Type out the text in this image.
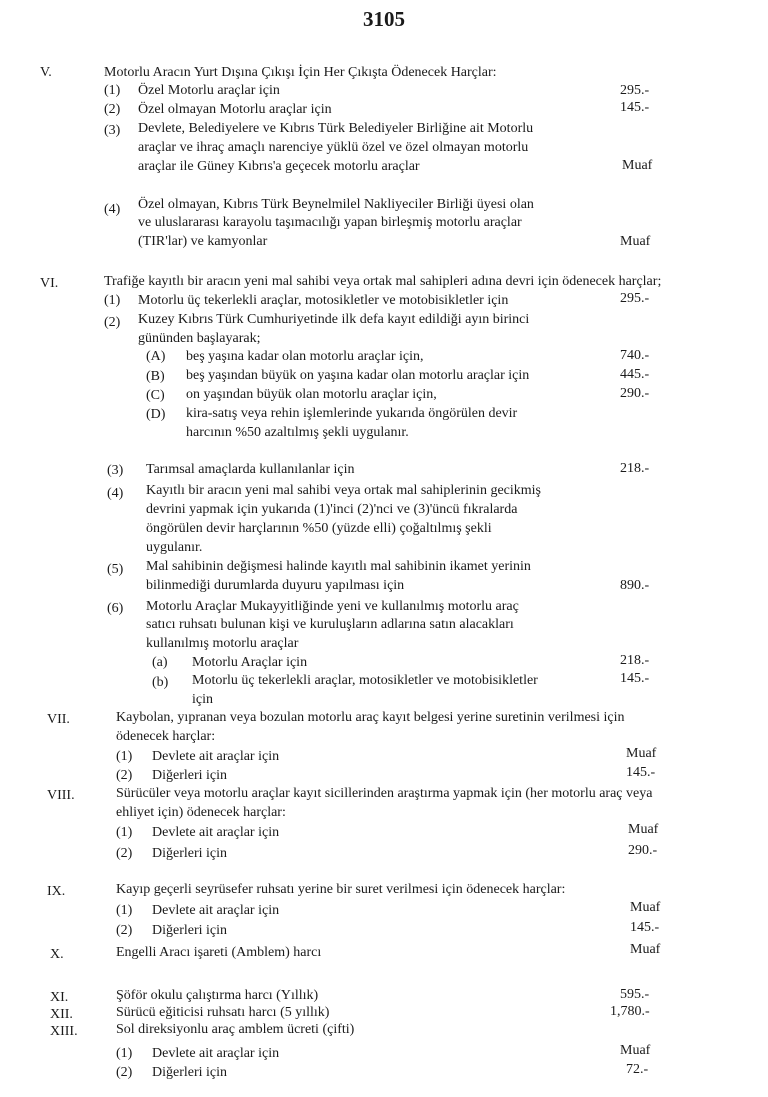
3105
V.	Motorlu Aracın Yurt Dışına Çıkışı İçin Her Çıkışta Ödenecek Harçlar:
(1) Özel Motorlu araçlar için	295.-
(2) Özel olmayan Motorlu araçlar için	145.-
(3) Devlete, Belediyelere ve Kıbrıs Türk Belediyeler Birliğine ait Motorlu
araçlar ve ihraç amaçlı narenciye yüklü özel ve özel olmayan motorlu
araçlar ile Güney Kıbrıs'a geçecek motorlu araçlar	Muaf
(4) Özel olmayan, Kıbrıs Türk Beynelmilel Nakliyeciler Birliği üyesi olan
ve uluslararası karayolu taşımacılığı yapan birleşmiş motorlu araçlar
(TIR'lar) ve kamyonlar	Muaf
VI.	Trafiğe kayıtlı bir aracın yeni mal sahibi veya ortak mal sahipleri adına devri için ödenecek harçlar;
(1) Motorlu üç tekerlekli araçlar, motosikletler ve motobisikletler için	295.-
(2) Kuzey Kıbrıs Türk Cumhuriyetinde ilk defa kayıt edildiği ayın birinci
gününden başlayarak;
(A) beş yaşına kadar olan motorlu araçlar için,	740.-
(B) beş yaşından büyük on yaşına kadar olan motorlu araçlar için	445.-
(C) on yaşından büyük olan motorlu araçlar için,	290.-
(D) kira-satış veya rehin işlemlerinde yukarıda öngörülen devir
harcının %50 azaltılmış şekli uygulanır.
(3) Tarımsal amaçlarda kullanılanlar için	218.-
(4) Kayıtlı bir aracın yeni mal sahibi veya ortak mal sahiplerinin gecikmiş
devrini yapmak için yukarıda (1)'inci (2)'nci ve (3)'üncü fıkralarda
öngörülen devir harçlarının %50 (yüzde elli) çoğaltılmış şekli
uygulanır.
(5) Mal sahibinin değişmesi halinde kayıtlı mal sahibinin ikamet yerinin
bilinmediği durumlarda duyuru yapılması için	890.-
(6) Motorlu Araçlar Mukayyitliğinde yeni ve kullanılmış motorlu araç
satıcı ruhsatı bulunan kişi ve kuruluşların adlarına satın alacakları
kullanılmış motorlu araçlar
(a) Motorlu Araçlar için	218.-
(b) Motorlu üç tekerlekli araçlar, motosikletler ve motobisikletler	145.-
için
VII.	Kaybolan, yıpranan veya bozulan motorlu araç kayıt belgesi yerine suretinin verilmesi için
ödenecek harçlar:
(1) Devlete ait araçlar için	Muaf
(2) Diğerleri için	145.-
VIII.	Sürücüler veya motorlu araçlar kayıt sicillerinden araştırma yapmak için (her motorlu araç veya
ehliyet için) ödenecek harçlar:
(1) Devlete ait araçlar için	Muaf
(2) Diğerleri için	290.-
IX.	Kayıp geçerli seyrüsefer ruhsatı yerine bir suret verilmesi için ödenecek harçlar:
(1) Devlete ait araçlar için	Muaf
(2) Diğerleri için	145.-
X.	Engelli Aracı işareti (Amblem) harcı	Muaf
XI.	Şöför okulu çalıştırma harcı (Yıllık)	595.-
XII.	Sürücü eğiticisi ruhsatı harcı (5 yıllık)	1,780.-
XIII.	Sol direksiyonlu araç amblem ücreti (çifti)
(1) Devlete ait araçlar için	Muaf
(2) Diğerleri için	72.-
